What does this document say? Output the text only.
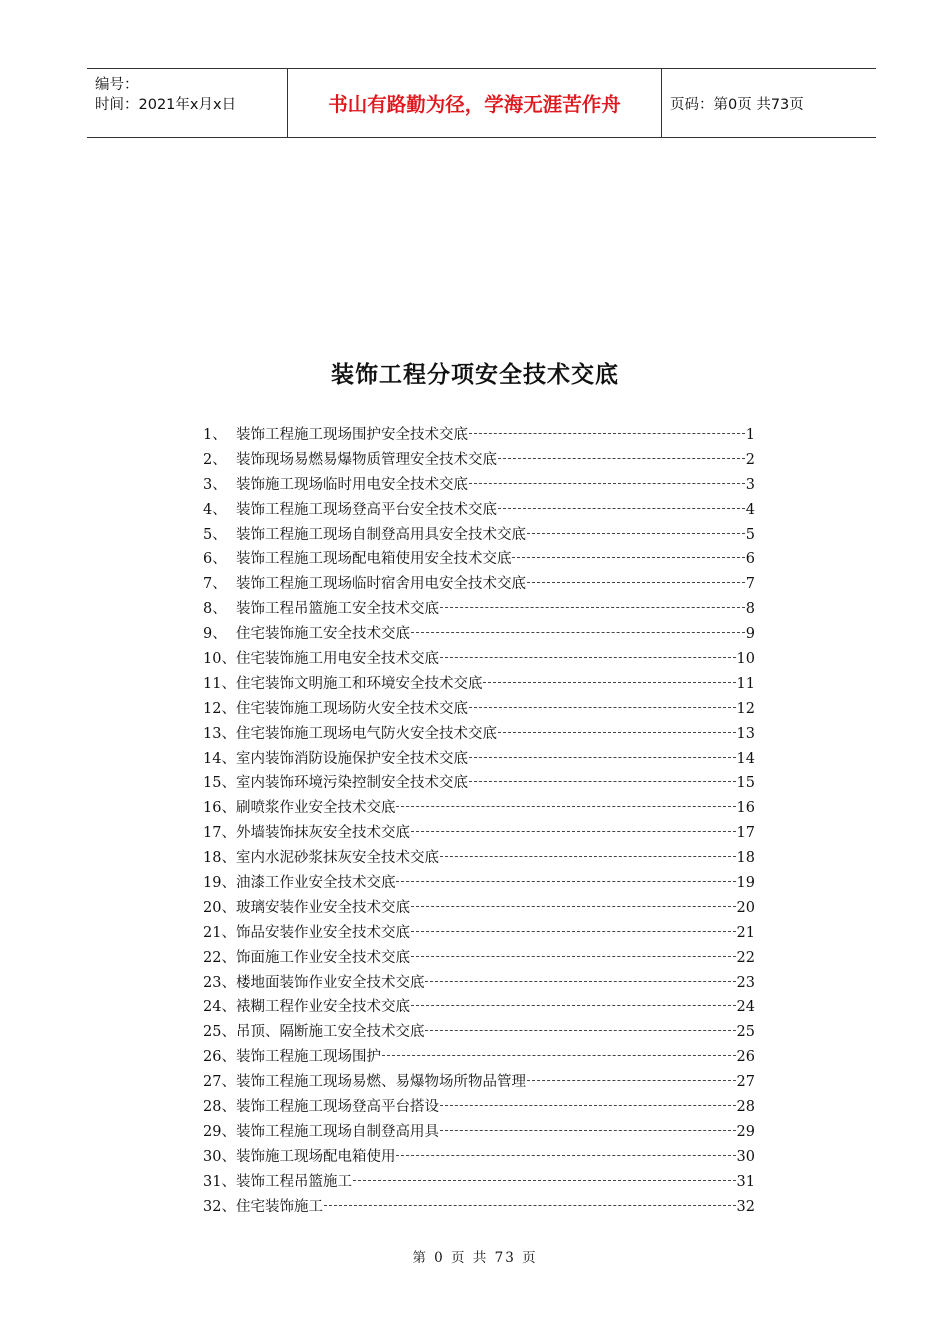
编号：
时间：2021年x月x日	书山有路勤为径，学海无涯苦作舟	页码：第0页 共73页
装饰工程分项安全技术交底
1、 装饰工程施工现场围护安全技术交底	1
2、 装饰现场易燃易爆物质管理安全技术交底	2
3、 装饰施工现场临时用电安全技术交底	3
4、 装饰工程施工现场登高平台安全技术交底	4
5、 装饰工程施工现场自制登高用具安全技术交底	5
6、 装饰工程施工现场配电箱使用安全技术交底	6
7、 装饰工程施工现场临时宿舍用电安全技术交底	7
8、 装饰工程吊篮施工安全技术交底	8
9、 住宅装饰施工安全技术交底	9
10、 住宅装饰施工用电安全技术交底	10
11、 住宅装饰文明施工和环境安全技术交底	11
12、 住宅装饰施工现场防火安全技术交底	12
13、 住宅装饰施工现场电气防火安全技术交底	13
14、 室内装饰消防设施保护安全技术交底	14
15、 室内装饰环境污染控制安全技术交底	15
16、 刷喷浆作业安全技术交底	16
17、 外墙装饰抹灰安全技术交底	17
18、 室内水泥砂浆抹灰安全技术交底	18
19、 油漆工作业安全技术交底	19
20、 玻璃安装作业安全技术交底	20
21、 饰品安装作业安全技术交底	21
22、 饰面施工作业安全技术交底	22
23、 楼地面装饰作业安全技术交底	23
24、 裱糊工程作业安全技术交底	24
25、 吊顶、隔断施工安全技术交底	25
26、 装饰工程施工现场围护	26
27、 装饰工程施工现场易燃、易爆物场所物品管理	27
28、 装饰工程施工现场登高平台搭设	28
29、 装饰工程施工现场自制登高用具	29
30、 装饰施工现场配电箱使用	30
31、 装饰工程吊篮施工	31
32、 住宅装饰施工	32
第 0 页 共 73 页
